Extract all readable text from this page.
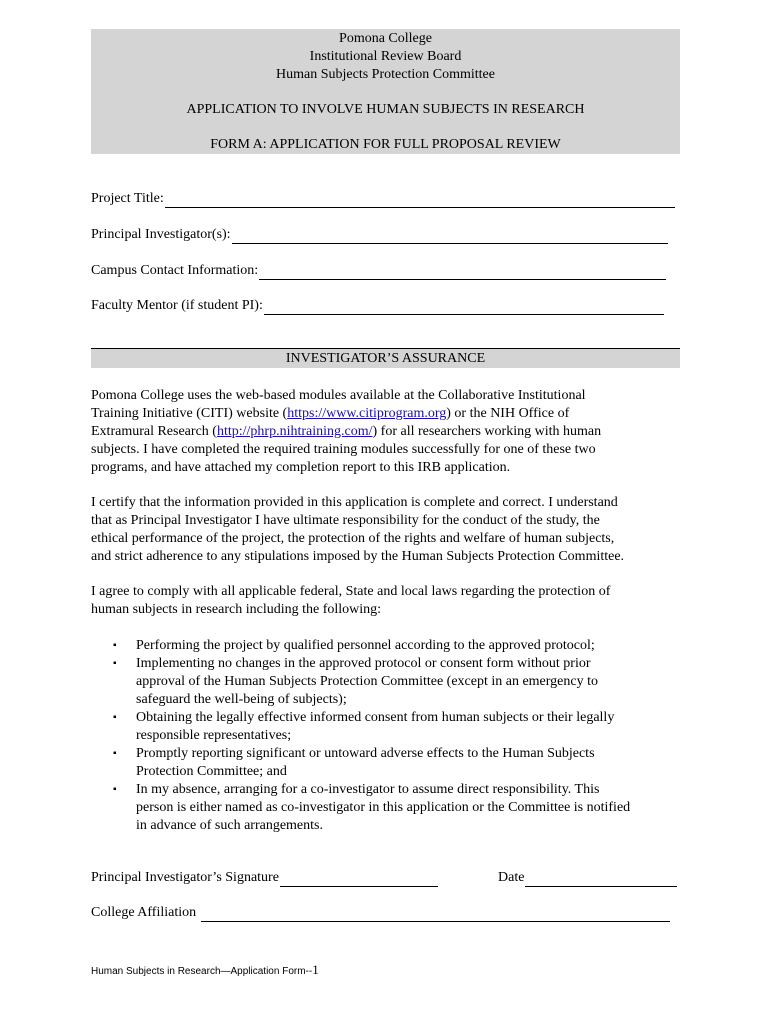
Pomona College
Institutional Review Board
Human Subjects Protection Committee
APPLICATION TO INVOLVE HUMAN SUBJECTS IN RESEARCH
FORM A: APPLICATION FOR FULL PROPOSAL REVIEW
Project Title:
Principal Investigator(s):
Campus Contact Information:
Faculty Mentor (if student PI):
INVESTIGATOR’S ASSURANCE
Pomona College uses the web-based modules available at the Collaborative Institutional
Training Initiative (CITI) website (https://www.citiprogram.org) or the NIH Office of
Extramural Research (http://phrp.nihtraining.com/) for all researchers working with human
subjects. I have completed the required training modules successfully for one of these two
programs, and have attached my completion report to this IRB application.
I certify that the information provided in this application is complete and correct. I understand
that as Principal Investigator I have ultimate responsibility for the conduct of the study, the
ethical performance of the project, the protection of the rights and welfare of human subjects,
and strict adherence to any stipulations imposed by the Human Subjects Protection Committee.
I agree to comply with all applicable federal, State and local laws regarding the protection of
human subjects in research including the following:
▪ Performing the project by qualified personnel according to the approved protocol;
▪ Implementing no changes in the approved protocol or consent form without prior
approval of the Human Subjects Protection Committee (except in an emergency to
safeguard the well-being of subjects);
▪ Obtaining the legally effective informed consent from human subjects or their legally
responsible representatives;
▪ Promptly reporting significant or untoward adverse effects to the Human Subjects
Protection Committee; and
▪ In my absence, arranging for a co-investigator to assume direct responsibility. This
person is either named as co-investigator in this application or the Committee is notified
in advance of such arrangements.
Principal Investigator’s Signature	Date
College Affiliation
Human Subjects in Research—Application Form--1
